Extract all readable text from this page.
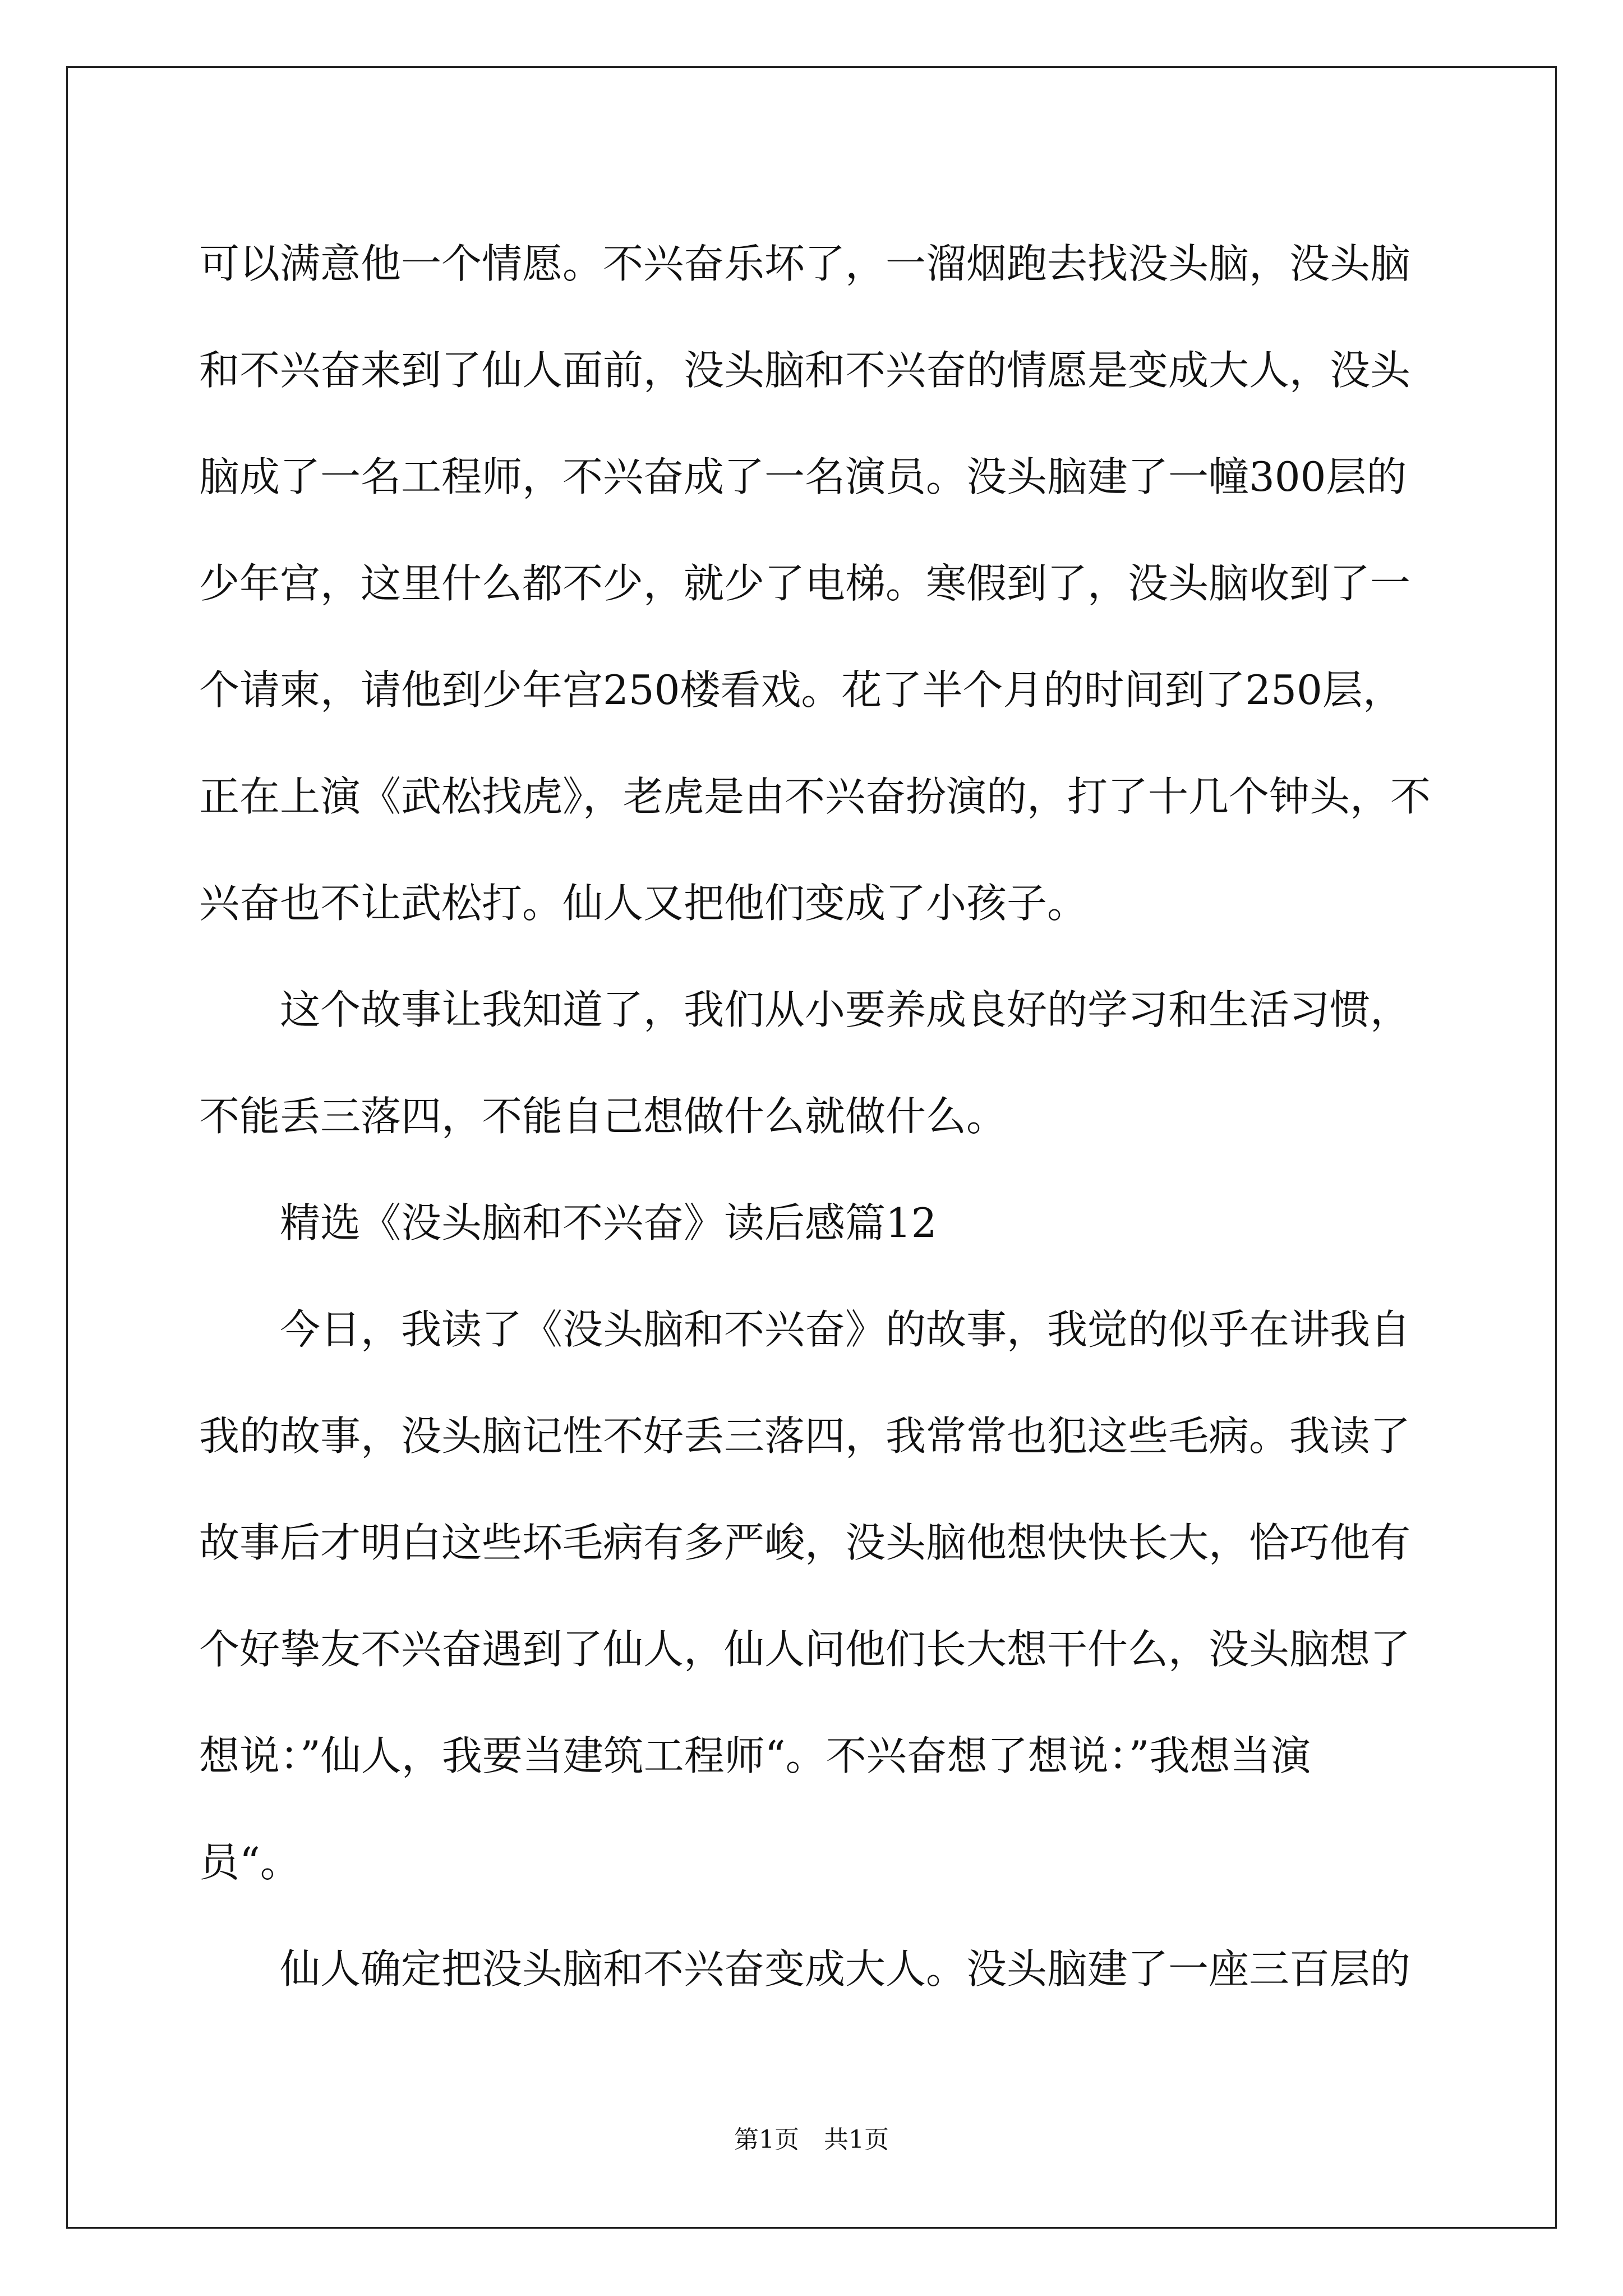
可以满意他一个情愿。不兴奋乐坏了，一溜烟跑去找没头脑，没头脑
和不兴奋来到了仙人面前，没头脑和不兴奋的情愿是变成大人，没头
脑成了一名工程师，不兴奋成了一名演员。没头脑建了一幢300层的
少年宫，这里什么都不少，就少了电梯。寒假到了，没头脑收到了一
个请柬，请他到少年宫250楼看戏。花了半个月的时间到了250层，
正在上演《武松找虎》，老虎是由不兴奋扮演的，打了十几个钟头，不
兴奋也不让武松打。仙人又把他们变成了小孩子。
　　这个故事让我知道了，我们从小要养成良好的学习和生活习惯，
不能丢三落四，不能自己想做什么就做什么。
　　精选《没头脑和不兴奋》读后感篇12
　　今日，我读了《没头脑和不兴奋》的故事，我觉的似乎在讲我自
我的故事，没头脑记性不好丢三落四，我常常也犯这些毛病。我读了
故事后才明白这些坏毛病有多严峻，没头脑他想快快长大，恰巧他有
个好挚友不兴奋遇到了仙人，仙人问他们长大想干什么，没头脑想了
想说：”仙人，我要当建筑工程师“。不兴奋想了想说：”我想当演
员“。
　　仙人确定把没头脑和不兴奋变成大人。没头脑建了一座三百层的
第1页　共1页
